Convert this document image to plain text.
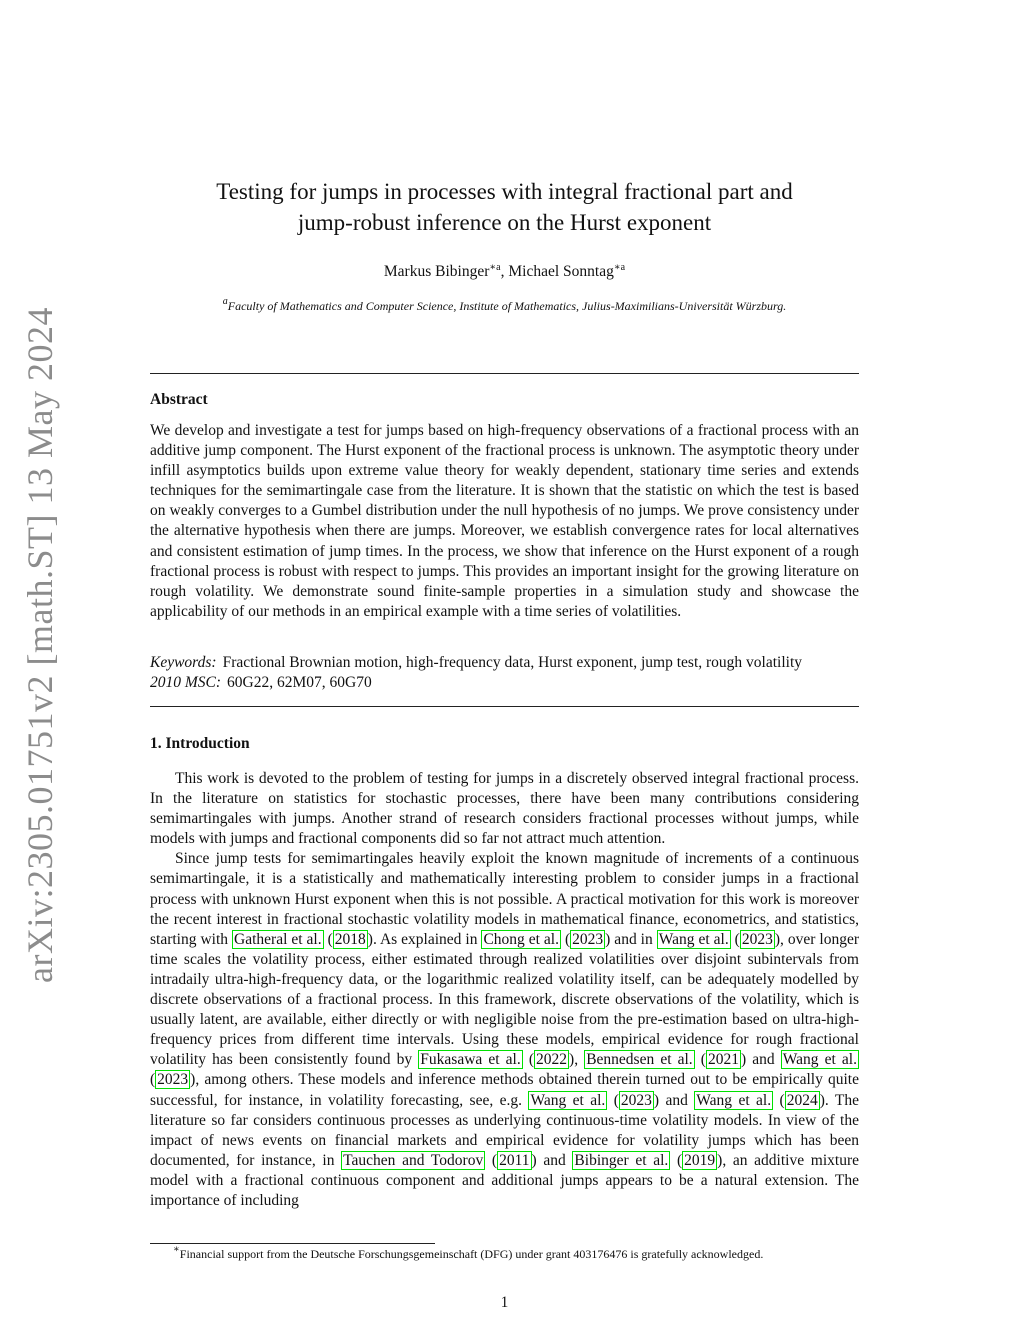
arXiv:2305.01751v2 [math.ST] 13 May 2024
Testing for jumps in processes with integral fractional part and
jump-robust inference on the Hurst exponent
Markus Bibinger$^{∗a}$, Michael Sonntag$^{∗a}$
$^a$Faculty of Mathematics and Computer Science, Institute of Mathematics, Julius-Maximilians-Universität Würzburg.
Abstract
We develop and investigate a test for jumps based on high-frequency observations of a fractional process with an additive jump component. The Hurst exponent of the fractional process is unknown. The asymptotic theory under infill asymptotics builds upon extreme value theory for weakly dependent, stationary time series and extends techniques for the semimartingale case from the literature. It is shown that the statistic on which the test is based on weakly converges to a Gumbel distribution under the null hypothesis of no jumps. We prove consistency under the alternative hypothesis when there are jumps. Moreover, we establish convergence rates for local alternatives and consistent estimation of jump times. In the process, we show that inference on the Hurst exponent of a rough fractional process is robust with respect to jumps. This provides an important insight for the growing literature on rough volatility. We demonstrate sound finite-sample properties in a simulation study and showcase the applicability of our methods in an empirical example with a time series of volatilities.
Keywords: Fractional Brownian motion, high-frequency data, Hurst exponent, jump test, rough volatility
2010 MSC: 60G22, 62M07, 60G70
1. Introduction

This work is devoted to the problem of testing for jumps in a discretely observed integral fractional process. In the literature on statistics for stochastic processes, there have been many contributions considering semimartingales with jumps. Another strand of research considers fractional processes without jumps, while models with jumps and fractional components did so far not attract much attention.

Since jump tests for semimartingales heavily exploit the known magnitude of increments of a continuous semimartingale, it is a statistically and mathematically interesting problem to consider jumps in a fractional process with unknown Hurst exponent when this is not possible. A practical motivation for this work is moreover the recent interest in fractional stochastic volatility models in mathematical finance, econometrics, and statistics, starting with Gatheral et al. ( 2018 ). As explained in Chong et al. ( 2023 ) and in Wang et al. ( 2023 ), over longer time scales the volatility process, either estimated through realized volatilities over disjoint subintervals from intradaily ultra-high-frequency data, or the logarithmic realized volatility itself, can be adequately modelled by discrete observations of a fractional process. In this framework, discrete observations of the volatility, which is usually latent, are available, either directly or with negligible noise from the pre-estimation based on ultra-high-frequency prices from different time intervals. Using these models, empirical evidence for rough fractional volatility has been consistently found by Fukasawa et al. ( 2022 ), Bennedsen et al. ( 2021 ) and Wang et al. ( 2023 ), among others. These models and inference methods obtained therein turned out to be empirically quite successful, for instance, in volatility forecasting, see, e.g. Wang et al. ( 2023 ) and Wang et al. ( 2024 ). The literature so far considers continuous processes as underlying continuous-time volatility models. In view of the impact of news events on financial markets and empirical evidence for volatility jumps which has been documented, for instance, in Tauchen and Todorov ( 2011 ) and Bibinger et al. ( 2019 ), an additive mixture model with a fractional continuous component and additional jumps appears to be a natural extension. The importance of including

∗Financial support from the Deutsche Forschungsgemeinschaft (DFG) under grant 403176476 is gratefully acknowledged.
1
